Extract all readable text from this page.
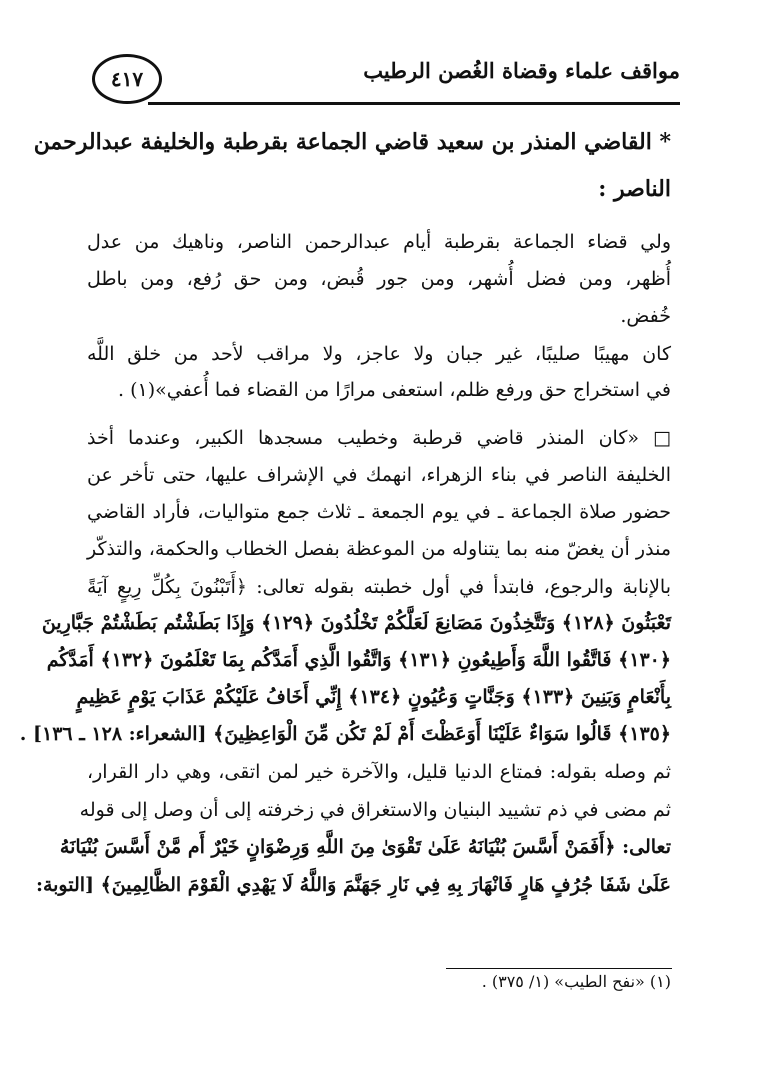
مواقف علماء وقضاة الغُصن الرطيب
٤١٧
* القاضي المنذر بن سعيد قاضي الجماعة بقرطبة والخليفة عبدالرحمن
الناصر :
ولي قضاء الجماعة بقرطبة أيام عبدالرحمن الناصر، وناهيك من عدل
أُظهر، ومن فضل أُشهر، ومن جور قُبض، ومن حق رُفع، ومن باطل
خُفض.
كان مهيبًا صليبًا، غير جبان ولا عاجز، ولا مراقب لأحد من خلق اللَّه
في استخراج حق ورفع ظلم، استعفى مرارًا من القضاء فما أُعفي»(١) .
□ «كان المنذر قاضي قرطبة وخطيب مسجدها الكبير، وعندما أخذ
الخليفة الناصر في بناء الزهراء، انهمك في الإشراف عليها، حتى تأخر عن
حضور صلاة الجماعة ـ في يوم الجمعة ـ ثلاث جمع متواليات، فأراد القاضي
منذر أن يغضّ منه بما يتناوله من الموعظة بفصل الخطاب والحكمة، والتذكّر
بالإنابة والرجوع، فابتدأ في أول خطبته بقوله تعالى: ﴿أَتَبْنُونَ بِكُلِّ رِيعٍ آيَةً
تَعْبَثُونَ ﴿١٢٨﴾ وَتَتَّخِذُونَ مَصَانِعَ لَعَلَّكُمْ تَخْلُدُونَ ﴿١٢٩﴾ وَإِذَا بَطَشْتُم بَطَشْتُمْ جَبَّارِينَ
﴿١٣٠﴾ فَاتَّقُوا اللَّهَ وَأَطِيعُونِ ﴿١٣١﴾ وَاتَّقُوا الَّذِي أَمَدَّكُم بِمَا تَعْلَمُونَ ﴿١٣٢﴾ أَمَدَّكُم
بِأَنْعَامٍ وَبَنِينَ ﴿١٣٣﴾ وَجَنَّاتٍ وَعُيُونٍ ﴿١٣٤﴾ إِنِّي أَخَافُ عَلَيْكُمْ عَذَابَ يَوْمٍ عَظِيمٍ
﴿١٣٥﴾ قَالُوا سَوَاءٌ عَلَيْنَا أَوَعَظْتَ أَمْ لَمْ تَكُن مِّنَ الْوَاعِظِينَ﴾ [الشعراء: ١٢٨ ـ ١٣٦] .
ثم وصله بقوله: فمتاع الدنيا قليل، والآخرة خير لمن اتقى، وهي دار القرار،
ثم مضى في ذم تشييد البنيان والاستغراق في زخرفته إلى أن وصل إلى قوله
تعالى: ﴿أَفَمَنْ أَسَّسَ بُنْيَانَهُ عَلَىٰ تَقْوَىٰ مِنَ اللَّهِ وَرِضْوَانٍ خَيْرٌ أَم مَّنْ أَسَّسَ بُنْيَانَهُ
عَلَىٰ شَفَا جُرُفٍ هَارٍ فَانْهَارَ بِهِ فِي نَارِ جَهَنَّمَ وَاللَّهُ لَا يَهْدِي الْقَوْمَ الظَّالِمِينَ﴾ [التوبة:
(١) «نفح الطيب» (١/ ٣٧٥) .
